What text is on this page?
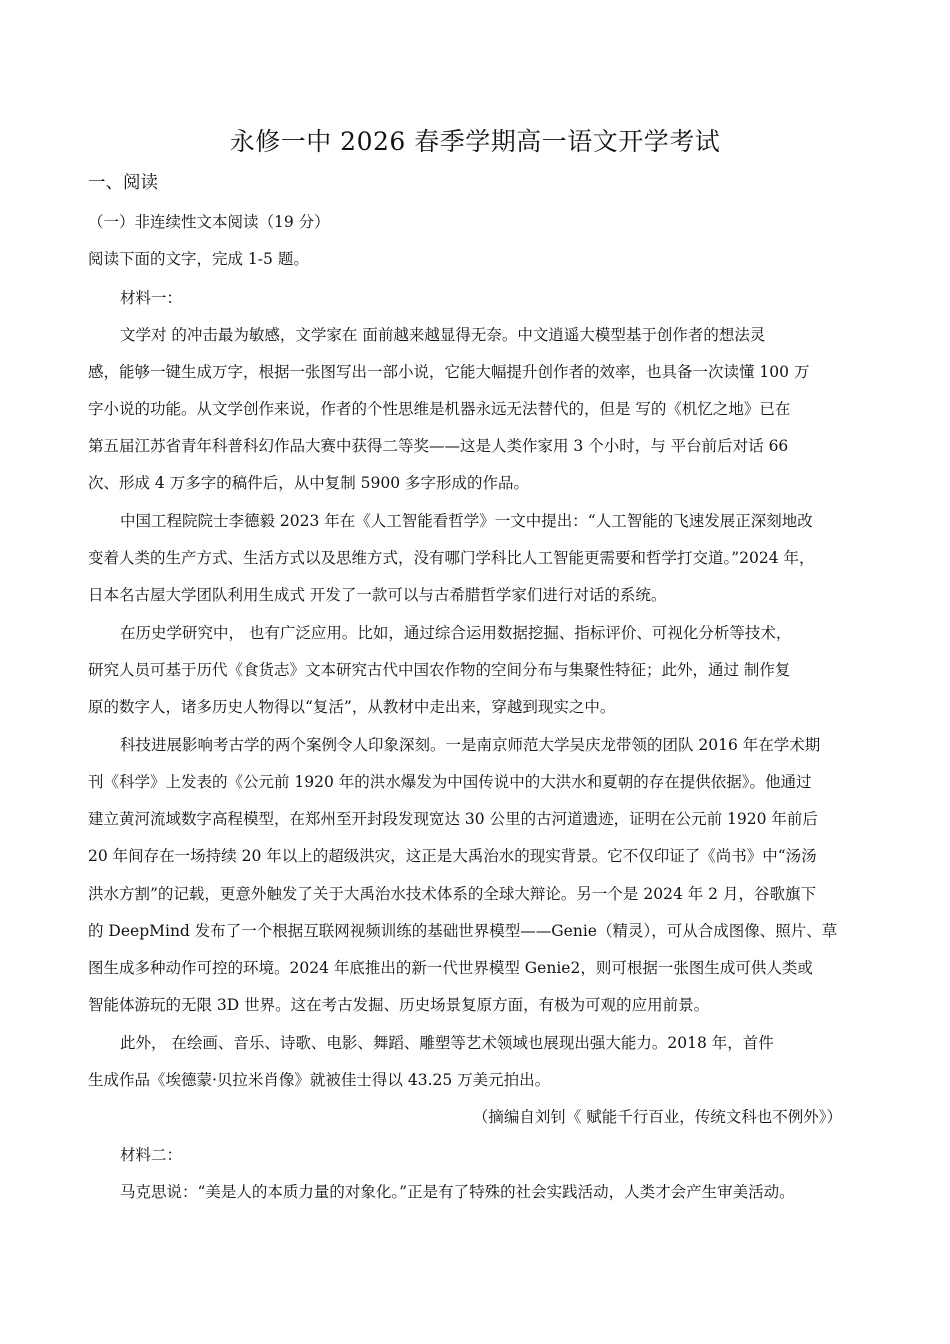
永修一中 2026 春季学期高一语文开学考试
一、阅读
（一）非连续性文本阅读（19 分）
阅读下面的文字，完成 1-5 题。
材料一：
文学对 的冲击最为敏感，文学家在 面前越来越显得无奈。中文逍遥大模型基于创作者的想法灵
感，能够一键生成万字，根据一张图写出一部小说，它能大幅提升创作者的效率，也具备一次读懂 100 万
字小说的功能。从文学创作来说，作者的个性思维是机器永远无法替代的，但是 写的《机忆之地》已在
第五届江苏省青年科普科幻作品大赛中获得二等奖——这是人类作家用 3 个小时，与 平台前后对话 66
次、形成 4 万多字的稿件后，从中复制 5900 多字形成的作品。
中国工程院院士李德毅 2023 年在《人工智能看哲学》一文中提出：“人工智能的飞速发展正深刻地改
变着人类的生产方式、生活方式以及思维方式，没有哪门学科比人工智能更需要和哲学打交道。”2024 年，
日本名古屋大学团队利用生成式 开发了一款可以与古希腊哲学家们进行对话的系统。
在历史学研究中， 也有广泛应用。比如，通过综合运用数据挖掘、指标评价、可视化分析等技术，
研究人员可基于历代《食货志》文本研究古代中国农作物的空间分布与集聚性特征；此外，通过 制作复
原的数字人，诸多历史人物得以“复活”，从教材中走出来，穿越到现实之中。
科技进展影响考古学的两个案例令人印象深刻。一是南京师范大学吴庆龙带领的团队 2016 年在学术期
刊《科学》上发表的《公元前 1920 年的洪水爆发为中国传说中的大洪水和夏朝的存在提供依据》。他通过
建立黄河流域数字高程模型，在郑州至开封段发现宽达 30 公里的古河道遗迹，证明在公元前 1920 年前后
20 年间存在一场持续 20 年以上的超级洪灾，这正是大禹治水的现实背景。它不仅印证了《尚书》中“汤汤
洪水方割”的记载，更意外触发了关于大禹治水技术体系的全球大辩论。另一个是 2024 年 2 月，谷歌旗下
的 DeepMind 发布了一个根据互联网视频训练的基础世界模型——Genie（精灵），可从合成图像、照片、草
图生成多种动作可控的环境。2024 年底推出的新一代世界模型 Genie2，则可根据一张图生成可供人类或
智能体游玩的无限 3D 世界。这在考古发掘、历史场景复原方面，有极为可观的应用前景。
此外， 在绘画、音乐、诗歌、电影、舞蹈、雕塑等艺术领域也展现出强大能力。2018 年，首件
生成作品《埃德蒙·贝拉米肖像》就被佳士得以 43.25 万美元拍出。
（摘编自刘钊《 赋能千行百业，传统文科也不例外》）
材料二：
马克思说：“美是人的本质力量的对象化。”正是有了特殊的社会实践活动，人类才会产生审美活动。
